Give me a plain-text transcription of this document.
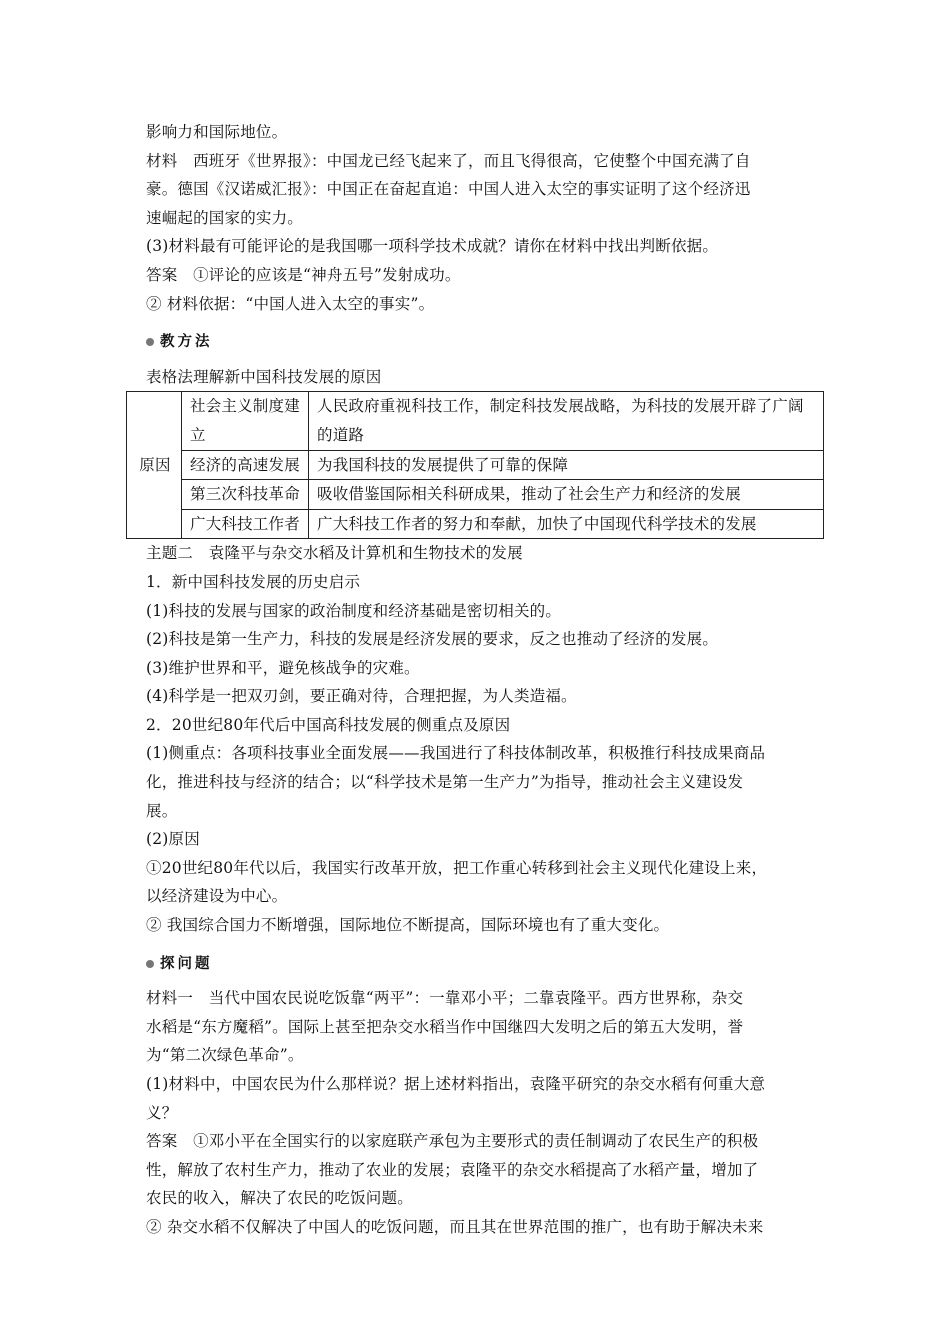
影响力和国际地位。
材料　西班牙《世界报》：中国龙已经飞起来了，而且飞得很高，它使整个中国充满了自
豪。德国《汉诺威汇报》：中国正在奋起直追：中国人进入太空的事实证明了这个经济迅
速崛起的国家的实力。
(3)材料最有可能评论的是我国哪一项科学技术成就？请你在材料中找出判断依据。
答案　①评论的应该是“神舟五号”发射成功。
② 材料依据：“中国人进入太空的事实”。
教方法
表格法理解新中国科技发展的原因
原因	社会主义制度建立	人民政府重视科技工作，制定科技发展战略，为科技的发展开辟了广阔的道路
	经济的高速发展	为我国科技的发展提供了可靠的保障
	第三次科技革命	吸收借鉴国际相关科研成果，推动了社会生产力和经济的发展
	广大科技工作者	广大科技工作者的努力和奉献，加快了中国现代科学技术的发展
主题二　袁隆平与杂交水稻及计算机和生物技术的发展
1．新中国科技发展的历史启示
(1)科技的发展与国家的政治制度和经济基础是密切相关的。
(2)科技是第一生产力，科技的发展是经济发展的要求，反之也推动了经济的发展。
(3)维护世界和平，避免核战争的灾难。
(4)科学是一把双刃剑，要正确对待，合理把握，为人类造福。
2．20世纪80年代后中国高科技发展的侧重点及原因
(1)侧重点：各项科技事业全面发展——我国进行了科技体制改革，积极推行科技成果商品
化，推进科技与经济的结合；以“科学技术是第一生产力”为指导，推动社会主义建设发
展。
(2)原因
①20世纪80年代以后，我国实行改革开放，把工作重心转移到社会主义现代化建设上来，
以经济建设为中心。
② 我国综合国力不断增强，国际地位不断提高，国际环境也有了重大变化。
探问题
材料一　当代中国农民说吃饭靠“两平”：一靠邓小平；二靠袁隆平。西方世界称，杂交
水稻是“东方魔稻”。国际上甚至把杂交水稻当作中国继四大发明之后的第五大发明，誉
为“第二次绿色革命”。
(1)材料中，中国农民为什么那样说？据上述材料指出，袁隆平研究的杂交水稻有何重大意
义？
答案　①邓小平在全国实行的以家庭联产承包为主要形式的责任制调动了农民生产的积极
性，解放了农村生产力，推动了农业的发展；袁隆平的杂交水稻提高了水稻产量，增加了
农民的收入，解决了农民的吃饭问题。
② 杂交水稻不仅解决了中国人的吃饭问题，而且其在世界范围的推广，也有助于解决未来
